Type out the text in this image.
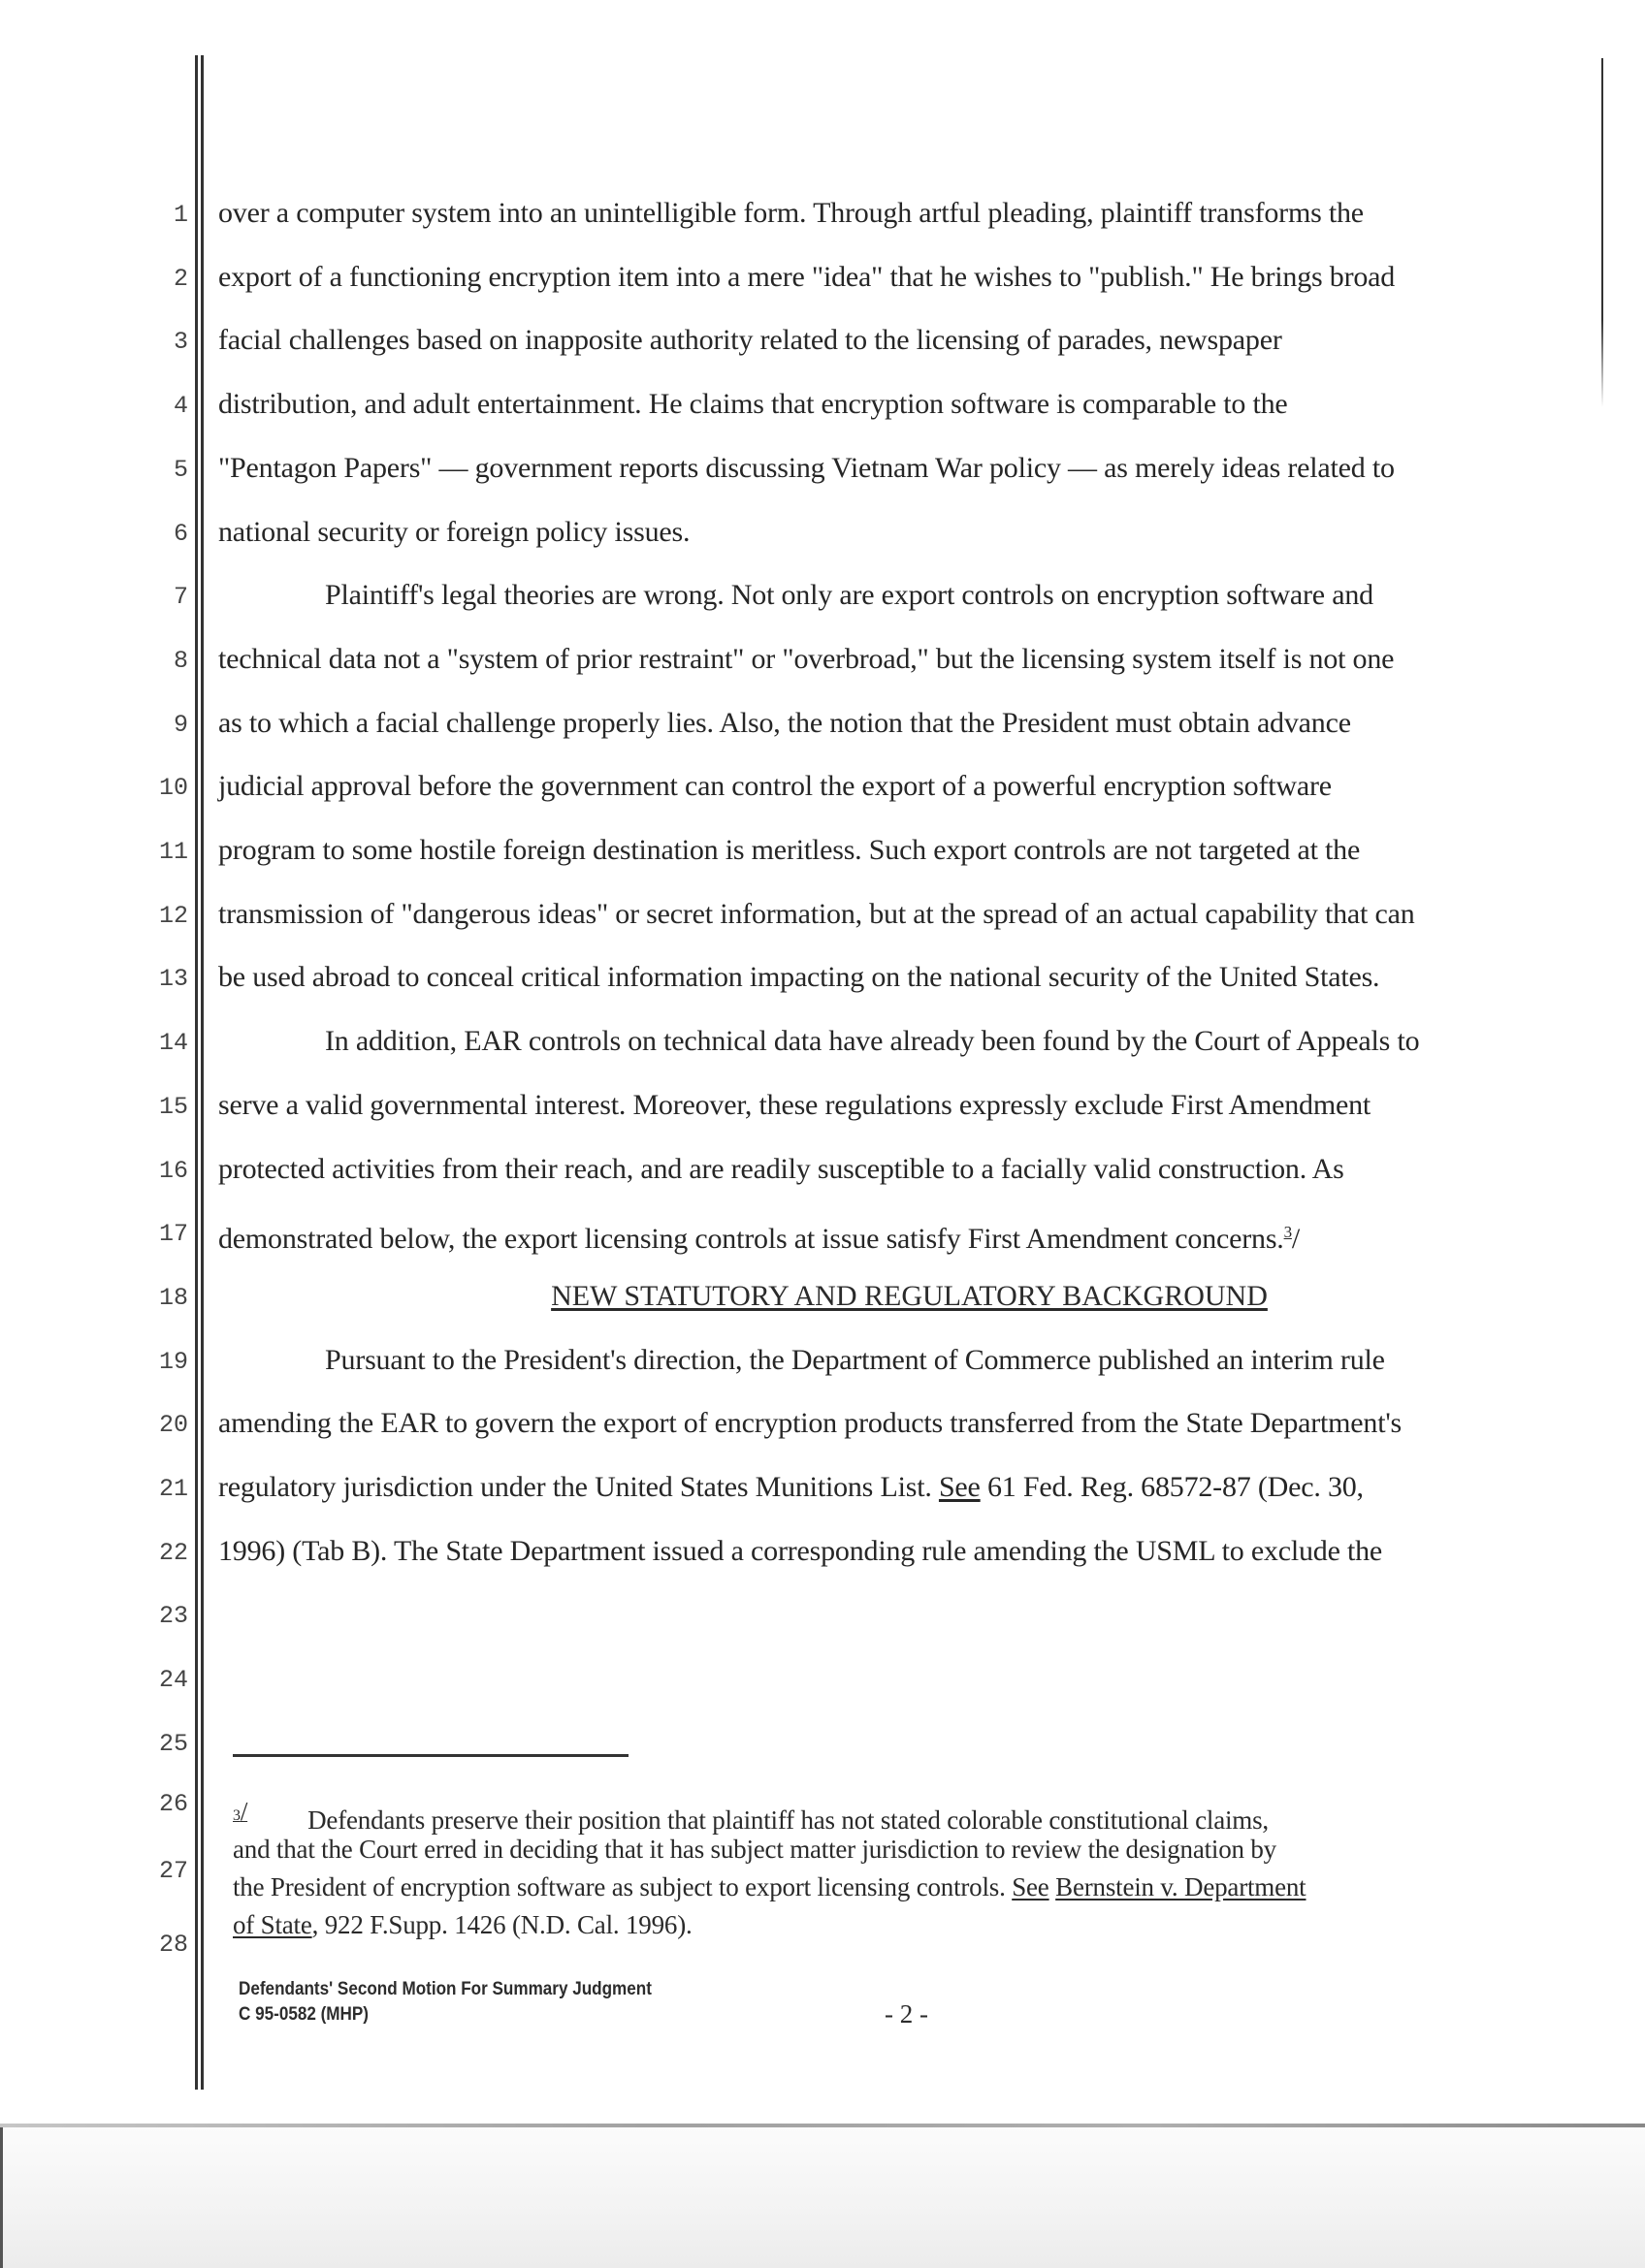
1
2
3
4
5
6
7
8
9
10
11
12
13
14
15
16
17
18
19
20
21
22
23
24
25
26
27
28
over a computer system into an unintelligible form. Through artful pleading, plaintiff transforms the
export of a functioning encryption item into a mere "idea" that he wishes to "publish." He brings broad
facial challenges based on inapposite authority related to the licensing of parades, newspaper
distribution, and adult entertainment. He claims that encryption software is comparable to the
"Pentagon Papers" — government reports discussing Vietnam War policy — as merely ideas related to
national security or foreign policy issues.
Plaintiff's legal theories are wrong. Not only are export controls on encryption software and
technical data not a "system of prior restraint" or "overbroad," but the licensing system itself is not one
as to which a facial challenge properly lies. Also, the notion that the President must obtain advance
judicial approval before the government can control the export of a powerful encryption software
program to some hostile foreign destination is meritless. Such export controls are not targeted at the
transmission of "dangerous ideas" or secret information, but at the spread of an actual capability that can
be used abroad to conceal critical information impacting on the national security of the United States.
In addition, EAR controls on technical data have already been found by the Court of Appeals to
serve a valid governmental interest. Moreover, these regulations expressly exclude First Amendment
protected activities from their reach, and are readily susceptible to a facially valid construction. As
demonstrated below, the export licensing controls at issue satisfy First Amendment concerns.$^3$/
NEW STATUTORY AND REGULATORY BACKGROUND
Pursuant to the President's direction, the Department of Commerce published an interim rule
amending the EAR to govern the export of encryption products transferred from the State Department's
regulatory jurisdiction under the United States Munitions List. See 61 Fed. Reg. 68572-87 (Dec. 30,
1996) (Tab B). The State Department issued a corresponding rule amending the USML to exclude the
$^{3/}$ Defendants preserve their position that plaintiff has not stated colorable constitutional claims,
and that the Court erred in deciding that it has subject matter jurisdiction to review the designation by
the President of encryption software as subject to export licensing controls. See Bernstein v. Department
of State, 922 F.Supp. 1426 (N.D. Cal. 1996).
Defendants' Second Motion For Summary Judgment
C 95-0582 (MHP)	- 2 -
